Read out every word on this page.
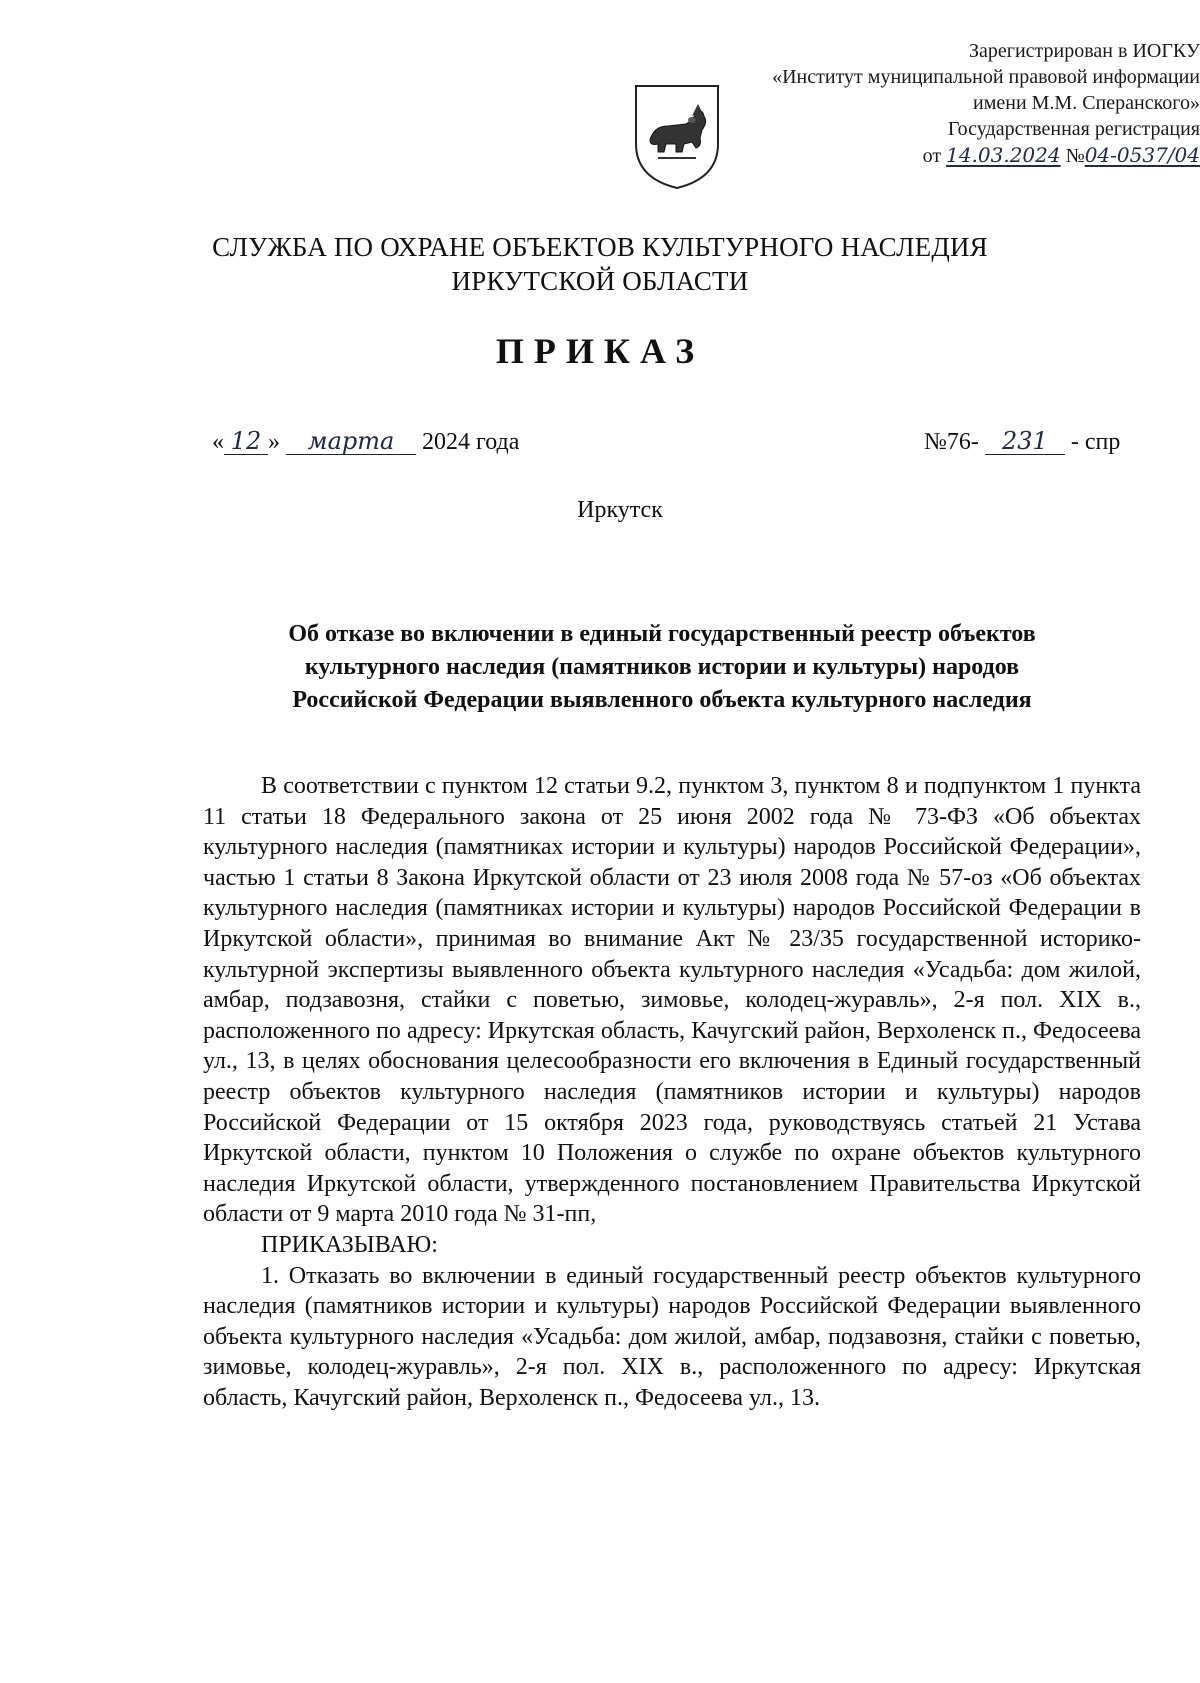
Зарегистрирован в ИОГКУ
«Институт муниципальной правовой информации
имени М.М. Сперанского»
Государственная регистрация
от 14.03.2024 №04-0537/04
СЛУЖБА ПО ОХРАНЕ ОБЪЕКТОВ КУЛЬТУРНОГО НАСЛЕДИЯ
ИРКУТСКОЙ ОБЛАСТИ
ПРИКАЗ
« 12 » марта 2024 года	№76- 231 - спр
Иркутск
Об отказе во включении в единый государственный реестр объектов
культурного наследия (памятников истории и культуры) народов
Российской Федерации выявленного объекта культурного наследия

В соответствии с пунктом 12 статьи 9.2, пунктом 3, пунктом 8 и подпунктом 1 пункта 11 статьи 18 Федерального закона от 25 июня 2002 года № 73-ФЗ «Об объектах культурного наследия (памятниках истории и культуры) народов Российской Федерации», частью 1 статьи 8 Закона Иркутской области от 23 июля 2008 года № 57-оз «Об объектах культурного наследия (памятниках истории и культуры) народов Российской Федерации в Иркутской области», принимая во внимание Акт № 23/35 государственной историко-культурной экспертизы выявленного объекта культурного наследия «Усадьба: дом жилой, амбар, подзавозня, стайки с поветью, зимовье, колодец-журавль», 2-я пол. XIX в., расположенного по адресу: Иркутская область, Качугский район, Верхоленск п., Федосеева ул., 13, в целях обоснования целесообразности его включения в Единый государственный реестр объектов культурного наследия (памятников истории и культуры) народов Российской Федерации от 15 октября 2023 года, руководствуясь статьей 21 Устава Иркутской области, пунктом 10 Положения о службе по охране объектов культурного наследия Иркутской области, утвержденного постановлением Правительства Иркутской области от 9 марта 2010 года № 31-пп,

ПРИКАЗЫВАЮ:

1. Отказать во включении в единый государственный реестр объектов культурного наследия (памятников истории и культуры) народов Российской Федерации выявленного объекта культурного наследия «Усадьба: дом жилой, амбар, подзавозня, стайки с поветью, зимовье, колодец-журавль», 2-я пол. XIX в., расположенного по адресу: Иркутская область, Качугский район, Верхоленск п., Федосеева ул., 13.
